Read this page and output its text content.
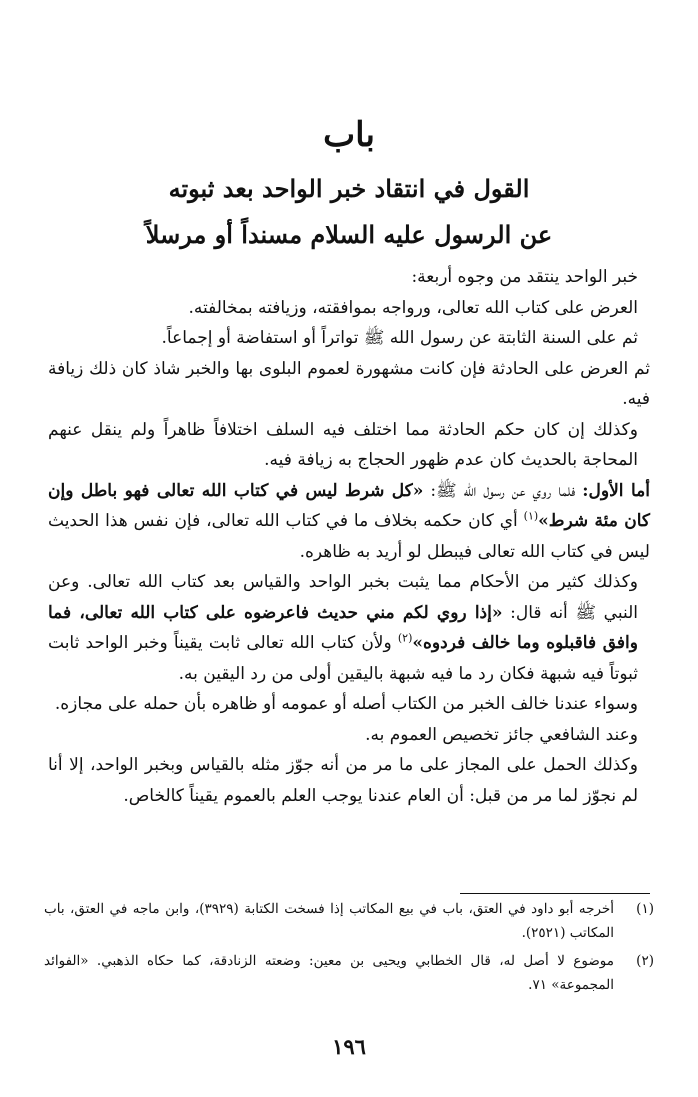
باب
القول في انتقاد خبر الواحد بعد ثبوته
عن الرسول عليه السلام مسنداً أو مرسلاً

خبر الواحد ينتقد من وجوه أربعة:

العرض على كتاب الله تعالى، ورواجه بموافقته، وزيافته بمخالفته.

ثم على السنة الثابتة عن رسول الله ﷺ تواتراً أو استفاضة أو إجماعاً.

ثم العرض على الحادثة فإن كانت مشهورة لعموم البلوى بها والخبر شاذ كان ذلك زيافة فيه.

وكذلك إن كان حكم الحادثة مما اختلف فيه السلف اختلافاً ظاهراً ولم ينقل عنهم المحاجة بالحديث كان عدم ظهور الحجاج به زيافة فيه.

أما الأول: فلما روي عن رسول الله ﷺ: «كل شرط ليس في كتاب الله تعالى فهو باطل وإن كان مئة شرط»$^{(١)}$ أي كان حكمه بخلاف ما في كتاب الله تعالى، فإن نفس هذا الحديث ليس في كتاب الله تعالى فيبطل لو أريد به ظاهره.

وكذلك كثير من الأحكام مما يثبت بخبر الواحد والقياس بعد كتاب الله تعالى. وعن النبي ﷺ أنه قال: «إذا روي لكم مني حديث فاعرضوه على كتاب الله تعالى، فما وافق فاقبلوه وما خالف فردوه»$^{(٢)}$ ولأن كتاب الله تعالى ثابت يقيناً وخبر الواحد ثابت ثبوتاً فيه شبهة فكان رد ما فيه شبهة باليقين أولى من رد اليقين به.

وسواء عندنا خالف الخبر من الكتاب أصله أو عمومه أو ظاهره بأن حمله على مجازه.

وعند الشافعي جائز تخصيص العموم به.

وكذلك الحمل على المجاز على ما مر من أنه جوّز مثله بالقياس وبخبر الواحد، إلا أنا لم نجوّز لما مر من قبل: أن العام عندنا يوجب العلم بالعموم يقيناً كالخاص.

(١)
أخرجه أبو داود في العتق، باب في بيع المكاتب إذا فسخت الكتابة (٣٩٢٩)، وابن ماجه في العتق، باب المكاتب (٢٥٢١).
(٢)
موضوع لا أصل له، قال الخطابي ويحيى بن معين: وضعته الزنادقة، كما حكاه الذهبي. «الفوائد المجموعة» ٧١.
١٩٦
